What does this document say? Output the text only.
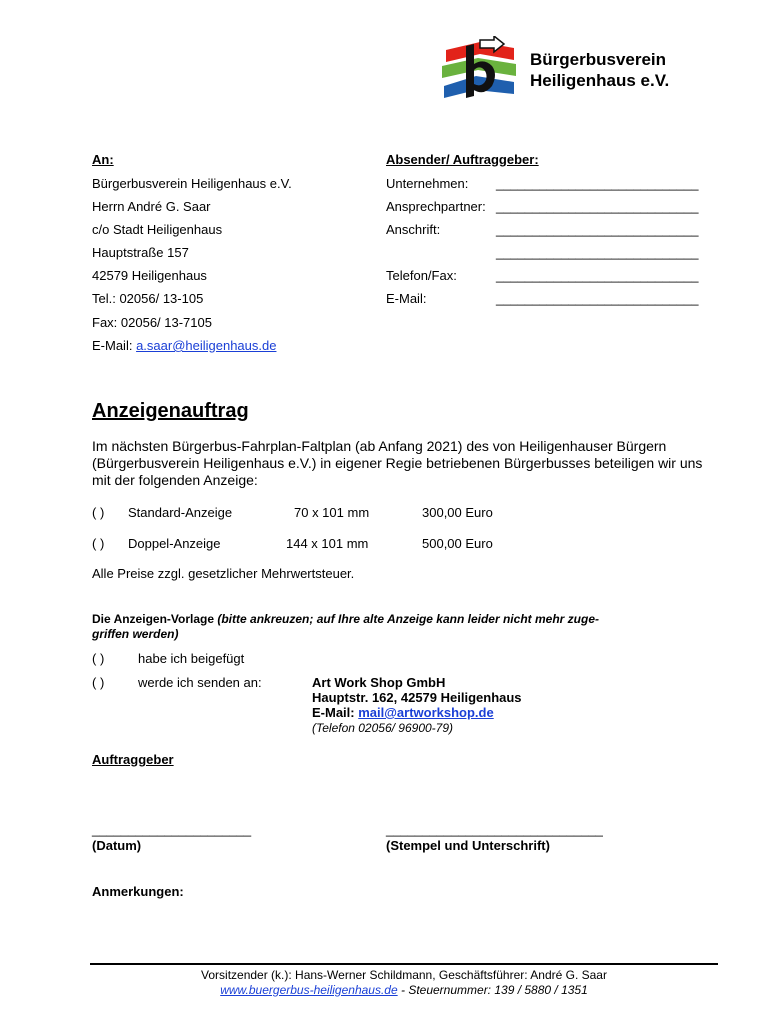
Bürgerbusverein
Heiligenhaus e.V.
An:
Bürgerbusverein Heiligenhaus e.V.
Herrn André G. Saar
c/o Stadt Heiligenhaus
Hauptstraße 157
42579 Heiligenhaus
Tel.: 02056/ 13-105
Fax: 02056/ 13-7105
E-Mail: a.saar@heiligenhaus.de
Absender/ Auftraggeber:
Unternehmen: ____________________________
Ansprechpartner: ____________________________
Anschrift:	____________________________
____________________________
Telefon/Fax:	____________________________
E-Mail:	____________________________
Anzeigenauftrag
Im nächsten Bürgerbus-Fahrplan-Faltplan (ab Anfang 2021) des von Heiligenhauser Bürgern (Bürgerbusverein Heiligenhaus e.V.) in eigener Regie betriebenen Bürgerbusses beteiligen wir uns mit der folgenden Anzeige:
( ) Standard-Anzeige	70 x 101 mm	300,00 Euro
( ) Doppel-Anzeige	144 x 101 mm	500,00 Euro
Alle Preise zzgl. gesetzlicher Mehrwertsteuer.
Die Anzeigen-Vorlage (bitte ankreuzen; auf Ihre alte Anzeige kann leider nicht mehr zuge-
griffen werden)
( )	habe ich beigefügt
( )	werde ich senden an:	Art Work Shop GmbH
Hauptstr. 162, 42579 Heiligenhaus
E-Mail: mail@artworkshop.de
(Telefon 02056/ 96900-79)
Auftraggeber
______________________
(Datum)
______________________________
(Stempel und Unterschrift)
Anmerkungen:
Vorsitzender (k.): Hans-Werner Schildmann, Geschäftsführer: André G. Saar
www.buergerbus-heiligenhaus.de - Steuernummer: 139 / 5880 / 1351
